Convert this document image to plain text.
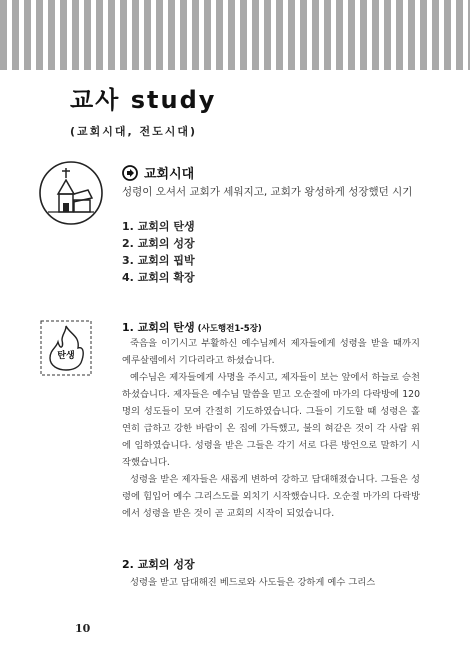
교사 study
(교회시대, 전도시대)
교회시대
성령이 오셔서 교회가 세워지고, 교회가 왕성하게 성장했던 시기
1. 교회의 탄생
2. 교회의 성장
3. 교회의 핍박
4. 교회의 확장
탄생
1. 교회의 탄생 (사도행전1-5장)

죽음을 이기시고 부활하신 예수님께서 제자들에게 성령을 받을 때까지 예루살렘에서 기다리라고 하셨습니다.

예수님은 제자들에게 사명을 주시고, 제자들이 보는 앞에서 하늘로 승천하셨습니다. 제자들은 예수님 말씀을 믿고 오순절에 마가의 다락방에 120명의 성도들이 모여 간절히 기도하였습니다. 그들이 기도할 때 성령은 홀연히 급하고 강한 바람이 온 집에 가득했고, 불의 혀같은 것이 각 사람 위에 임하였습니다. 성령을 받은 그들은 각기 서로 다른 방언으로 말하기 시작했습니다.

성령을 받은 제자들은 새롭게 변하여 강하고 담대해졌습니다. 그들은 성령에 힘입어 예수 그리스도를 외치기 시작했습니다. 오순절 마가의 다락방에서 성령을 받은 것이 곧 교회의 시작이 되었습니다.

2. 교회의 성장

성령을 받고 담대해진 베드로와 사도들은 강하게 예수 그리스

10
